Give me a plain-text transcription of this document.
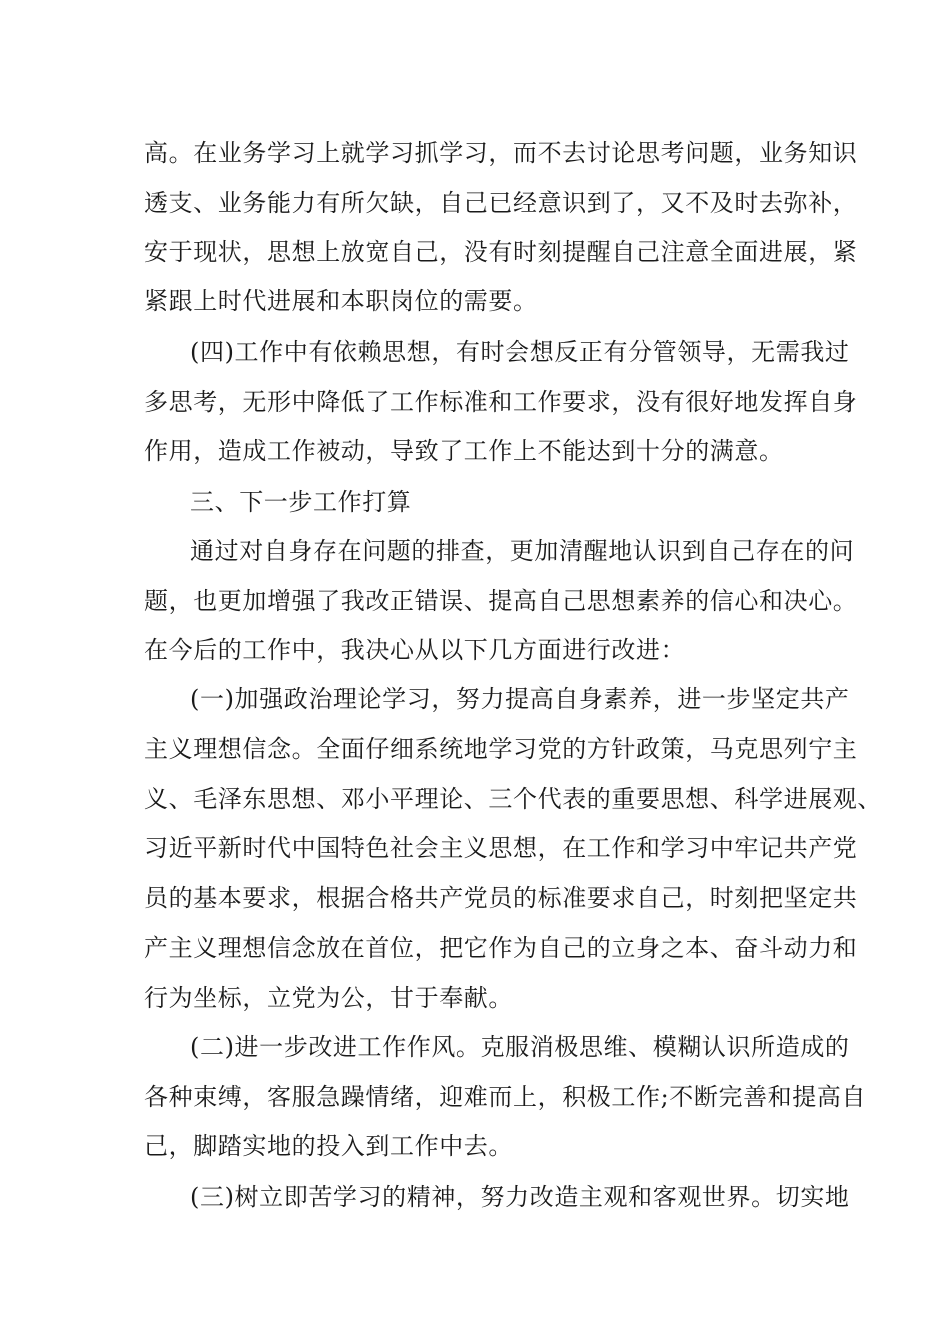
高。在业务学习上就学习抓学习，而不去讨论思考问题，业务知识
透支、业务能力有所欠缺，自己已经意识到了，又不及时去弥补，
安于现状，思想上放宽自己，没有时刻提醒自己注意全面进展，紧
紧跟上时代进展和本职岗位的需要。
(四)工作中有依赖思想，有时会想反正有分管领导，无需我过
多思考，无形中降低了工作标准和工作要求，没有很好地发挥自身
作用，造成工作被动，导致了工作上不能达到十分的满意。
三、下一步工作打算
通过对自身存在问题的排查，更加清醒地认识到自己存在的问
题，也更加增强了我改正错误、提高自己思想素养的信心和决心。
在今后的工作中，我决心从以下几方面进行改进：
(一)加强政治理论学习，努力提高自身素养，进一步坚定共产
主义理想信念。全面仔细系统地学习党的方针政策，马克思列宁主
义、毛泽东思想、邓小平理论、三个代表的重要思想、科学进展观、
习近平新时代中国特色社会主义思想，在工作和学习中牢记共产党
员的基本要求，根据合格共产党员的标准要求自己，时刻把坚定共
产主义理想信念放在首位，把它作为自己的立身之本、奋斗动力和
行为坐标，立党为公，甘于奉献。
(二)进一步改进工作作风。克服消极思维、模糊认识所造成的
各种束缚，客服急躁情绪，迎难而上，积极工作;不断完善和提高自
己，脚踏实地的投入到工作中去。
(三)树立即苦学习的精神，努力改造主观和客观世界。切实地
